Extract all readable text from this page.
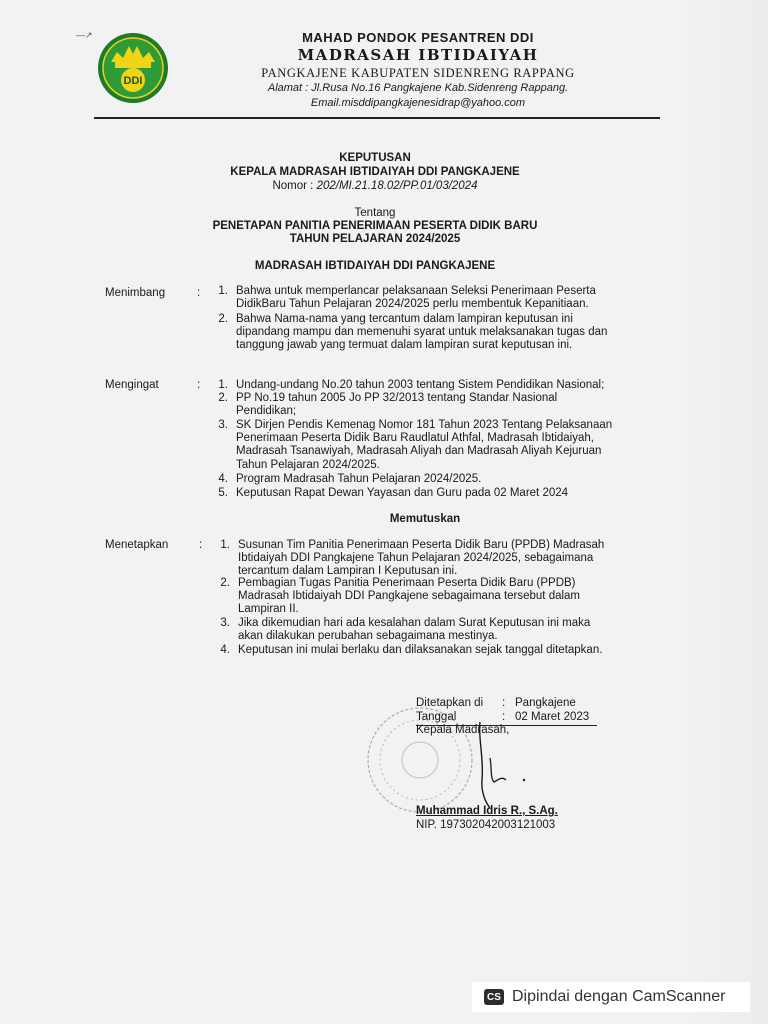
DDI
—↗	MAHAD PONDOK PESANTREN DDI
MADRASAH IBTIDAIYAH
PANGKAJENE KABUPATEN SIDENRENG RAPPANG
Alamat : Jl.Rusa No.16 Pangkajene Kab.Sidenreng Rappang.
Email.misddipangkajenesidrap@yahoo.com
KEPUTUSAN
KEPALA MADRASAH IBTIDAIYAH DDI PANGKAJENE
Nomor : 202/MI.21.18.02/PP.01/03/2024
Tentang
PENETAPAN PANITIA PENERIMAAN PESERTA DIDIK BARU
TAHUN PELAJARAN 2024/2025
MADRASAH IBTIDAIYAH DDI PANGKAJENE
Menimbang	:	1. Bahwa untuk memperlancar pelaksanaan Seleksi Penerimaan Peserta
DidikBaru Tahun Pelajaran 2024/2025 perlu membentuk Kepanitiaan.
2. Bahwa Nama-nama yang tercantum dalam lampiran keputusan ini
dipandang mampu dan memenuhi syarat untuk melaksanakan tugas dan
tanggung jawab yang termuat dalam lampiran surat keputusan ini.
Mengingat	:	1. Undang-undang No.20 tahun 2003 tentang Sistem Pendidikan Nasional;
2. PP No.19 tahun 2005 Jo PP 32/2013 tentang Standar Nasional
Pendidikan;
3. SK Dirjen Pendis Kemenag Nomor 181 Tahun 2023 Tentang Pelaksanaan
Penerimaan Peserta Didik Baru Raudlatul Athfal, Madrasah Ibtidaiyah,
Madrasah Tsanawiyah, Madrasah Aliyah dan Madrasah Aliyah Kejuruan
Tahun Pelajaran 2024/2025.
4. Program Madrasah Tahun Pelajaran 2024/2025.
5. Keputusan Rapat Dewan Yayasan dan Guru pada 02 Maret 2024
Memutuskan
Menetapkan	:	1. Susunan Tim Panitia Penerimaan Peserta Didik Baru (PPDB) Madrasah
Ibtidaiyah DDI Pangkajene Tahun Pelajaran 2024/2025, sebagaimana
tercantum dalam Lampiran I Keputusan ini.
2. Pembagian Tugas Panitia Penerimaan Peserta Didik Baru (PPDB)
Madrasah Ibtidaiyah DDI Pangkajene sebagaimana tersebut dalam
Lampiran II.
3. Jika dikemudian hari ada kesalahan dalam Surat Keputusan ini maka
akan dilakukan perubahan sebagaimana mestinya.
4. Keputusan ini mulai berlaku dan dilaksanakan sejak tanggal ditetapkan.
Ditetapkan di : Pangkajene
Tanggal	: 02 Maret 2023
Kepala Madrasah,
Muhammad Idris R., S.Ag.
NIP. 197302042003121003
CS Dipindai dengan CamScanner
